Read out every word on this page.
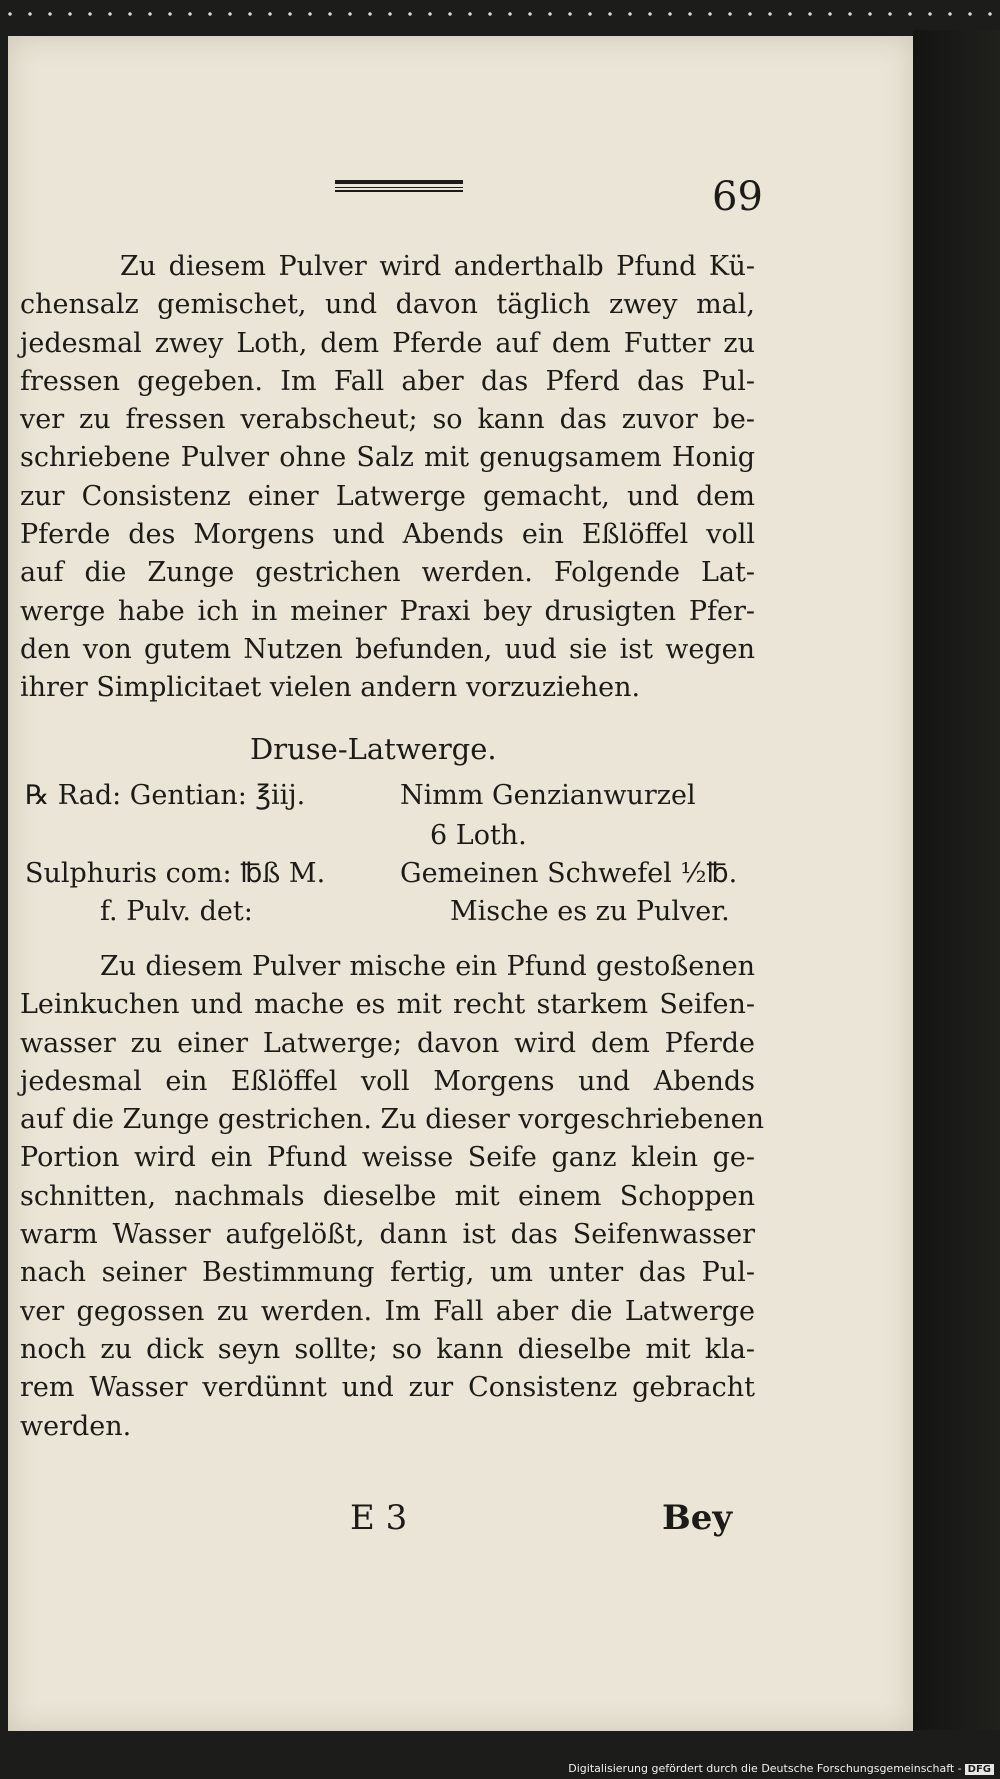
69
Zu diesem Pulver wird anderthalb Pfund Kü-
chensalz gemischet, und davon täglich zwey mal,
jedesmal zwey Loth, dem Pferde auf dem Futter zu
fressen gegeben. Im Fall aber das Pferd das Pul-
ver zu fressen verabscheut; so kann das zuvor be-
schriebene Pulver ohne Salz mit genugsamem Honig
zur Consistenz einer Latwerge gemacht, und dem
Pferde des Morgens und Abends ein Eßlöffel voll
auf die Zunge gestrichen werden. Folgende Lat-
werge habe ich in meiner Praxi bey drusigten Pfer-
den von gutem Nutzen befunden, uud sie ist wegen
ihrer Simplicitaet vielen andern vorzuziehen.
Druse-Latwerge.
℞ Rad: Gentian: ℥iij.	Nimm Genzianwurzel
6 Loth.
Sulphuris com: ℔ß M.	Gemeinen Schwefel ½℔.
f. Pulv. det:	Mische es zu Pulver.
Zu diesem Pulver mische ein Pfund gestoßenen
Leinkuchen und mache es mit recht starkem Seifen-
wasser zu einer Latwerge; davon wird dem Pferde
jedesmal ein Eßlöffel voll Morgens und Abends
auf die Zunge gestrichen. Zu dieser vorgeschriebenen
Portion wird ein Pfund weisse Seife ganz klein ge-
schnitten, nachmals dieselbe mit einem Schoppen
warm Wasser aufgelößt, dann ist das Seifenwasser
nach seiner Bestimmung fertig, um unter das Pul-
ver gegossen zu werden. Im Fall aber die Latwerge
noch zu dick seyn sollte; so kann dieselbe mit kla-
rem Wasser verdünnt und zur Consistenz gebracht
werden.
E 3	Bey
Digitalisierung gefördert durch die Deutsche Forschungsgemeinschaft - DFG
